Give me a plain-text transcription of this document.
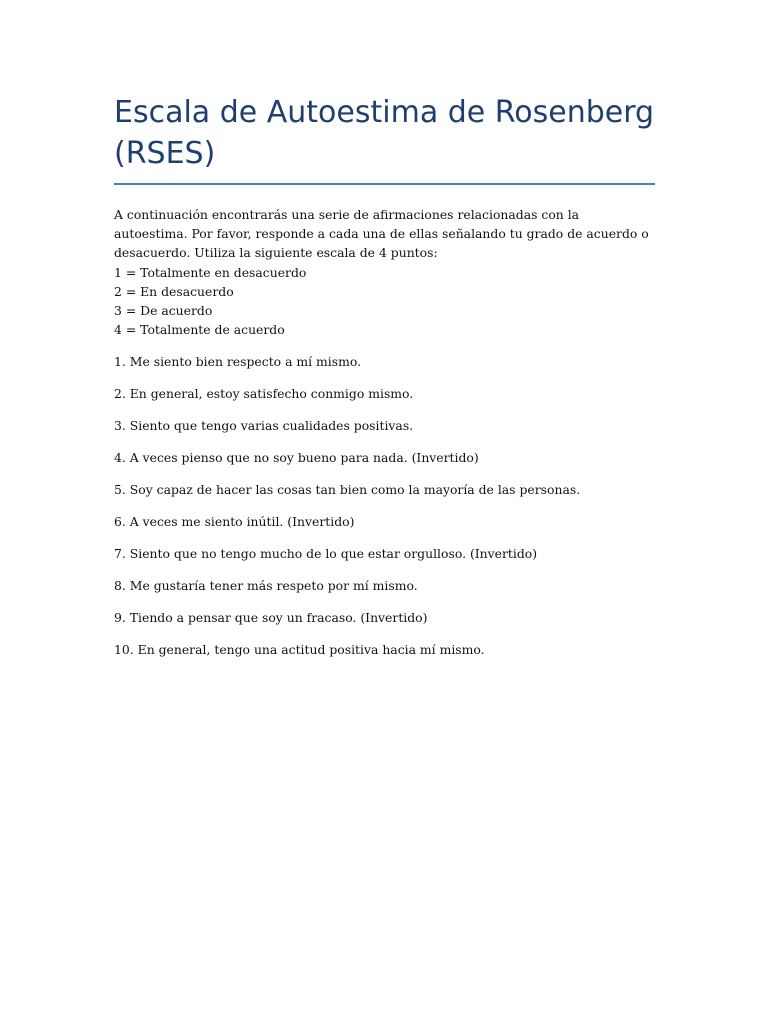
Escala de Autoestima de Rosenberg (RSES)

A continuación encontrarás una serie de afirmaciones relacionadas con la autoestima. Por favor, responde a cada una de ellas señalando tu grado de acuerdo o desacuerdo. Utiliza la siguiente escala de 4 puntos:

1 = Totalmente en desacuerdo

2 = En desacuerdo

3 = De acuerdo

4 = Totalmente de acuerdo

1. Me siento bien respecto a mí mismo.

2. En general, estoy satisfecho conmigo mismo.

3. Siento que tengo varias cualidades positivas.

4. A veces pienso que no soy bueno para nada. (Invertido)

5. Soy capaz de hacer las cosas tan bien como la mayoría de las personas.

6. A veces me siento inútil. (Invertido)

7. Siento que no tengo mucho de lo que estar orgulloso. (Invertido)

8. Me gustaría tener más respeto por mí mismo.

9. Tiendo a pensar que soy un fracaso. (Invertido)

10. En general, tengo una actitud positiva hacia mí mismo.
